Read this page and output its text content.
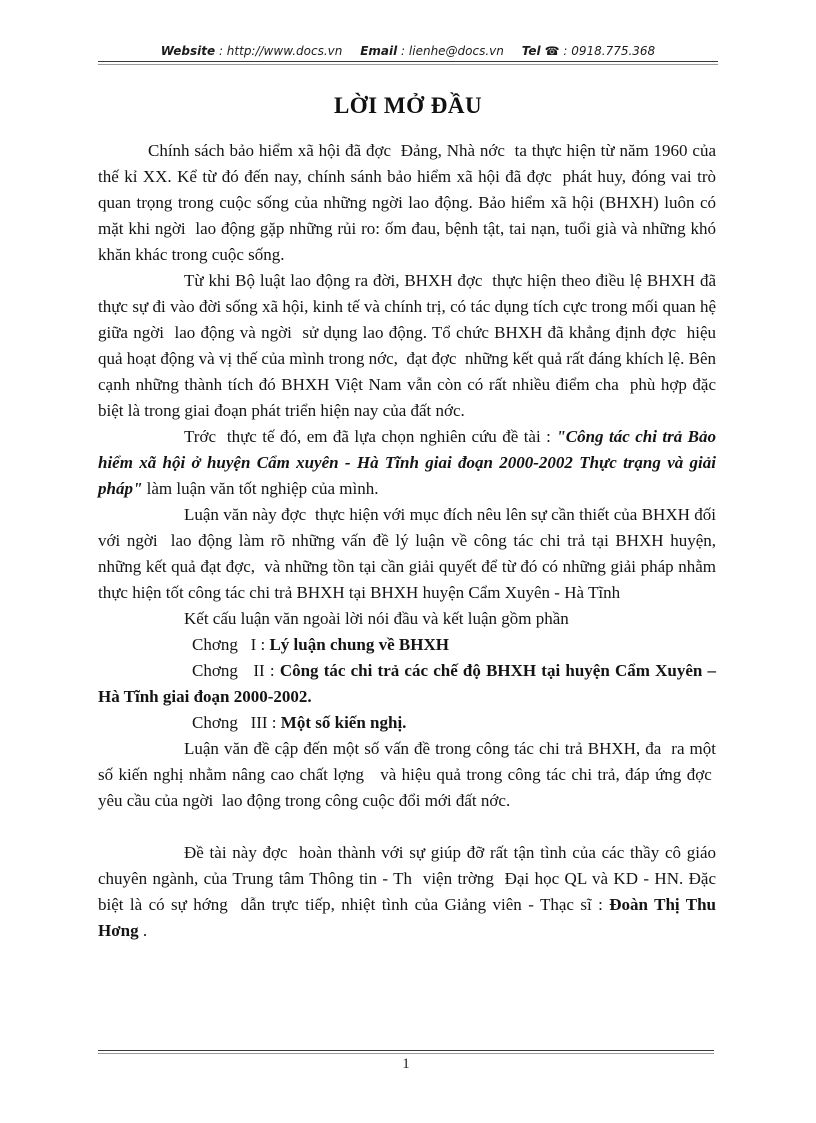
Website : http://www.docs.vn Email : lienhe@docs.vn Tel ☎ : 0918.775.368
LỜI MỞ ĐẦU

Chính sách bảo hiểm xã hội đã đợc  Đảng, Nhà nớc  ta thực hiện từ năm 1960 của thế kỉ XX. Kể từ đó đến nay, chính sánh bảo hiểm xã hội đã đợc  phát huy, đóng vai trò quan trọng trong cuộc sống của những ngời lao động. Bảo hiểm xã hội (BHXH) luôn có mặt khi ngời  lao động gặp những rủi ro: ốm đau, bệnh tật, tai nạn, tuổi già và những khó khăn khác trong cuộc sống.

Từ khi Bộ luật lao động ra đời, BHXH đợc  thực hiện theo điều lệ BHXH đã thực sự đi vào đời sống xã hội, kinh tế và chính trị, có tác dụng tích cực trong mối quan hệ giữa ngời  lao động và ngời  sử dụng lao động. Tổ chức BHXH đã khẳng định đợc  hiệu quả hoạt động và vị thế của mình trong nớc,  đạt đợc  những kết quả rất đáng khích lệ. Bên cạnh những thành tích đó BHXH Việt Nam vẫn còn có rất nhiều điểm cha  phù hợp đặc biệt là trong giai đoạn phát triển hiện nay của đất nớc.

Trớc  thực tế đó, em đã lựa chọn nghiên cứu đề tài : "Công tác chi trả Bảo hiểm xã hội ở huyện Cẩm xuyên - Hà Tĩnh giai đoạn 2000-2002 Thực trạng và giải pháp" làm luận văn tốt nghiệp của mình.

Luận văn này đợc  thực hiện với mục đích nêu lên sự cần thiết của BHXH đối với ngời  lao động làm rõ những vấn đề lý luận về công tác chi trả tại BHXH huyện, những kết quả đạt đợc,  và những tồn tại cần giải quyết để từ đó có những giải pháp nhằm thực hiện tốt công tác chi trả BHXH tại BHXH huyện Cẩm Xuyên - Hà Tĩnh

Kết cấu luận văn ngoài lời nói đầu và kết luận gồm phần

Chơng   I : Lý luận chung về BHXH

Chơng   II : Công tác chi trả các chế độ BHXH tại huyện Cẩm Xuyên –Hà Tĩnh giai đoạn 2000-2002.

Chơng   III : Một số kiến nghị.

Luận văn đề cập đến một số vấn đề trong công tác chi trả BHXH, đa  ra một số kiến nghị nhằm nâng cao chất lợng   và hiệu quả trong công tác chi trả, đáp ứng đợc  yêu cầu của ngời  lao động trong công cuộc đổi mới đất nớc.

Đề tài này đợc  hoàn thành với sự giúp đỡ rất tận tình của các thầy cô giáo chuyên ngành, của Trung tâm Thông tin - Th  viện trờng  Đại học QL và KD - HN. Đặc biệt là có sự hớng  dẫn trực tiếp, nhiệt tình của Giảng viên - Thạc sĩ : Đoàn Thị Thu Hơng .

1
